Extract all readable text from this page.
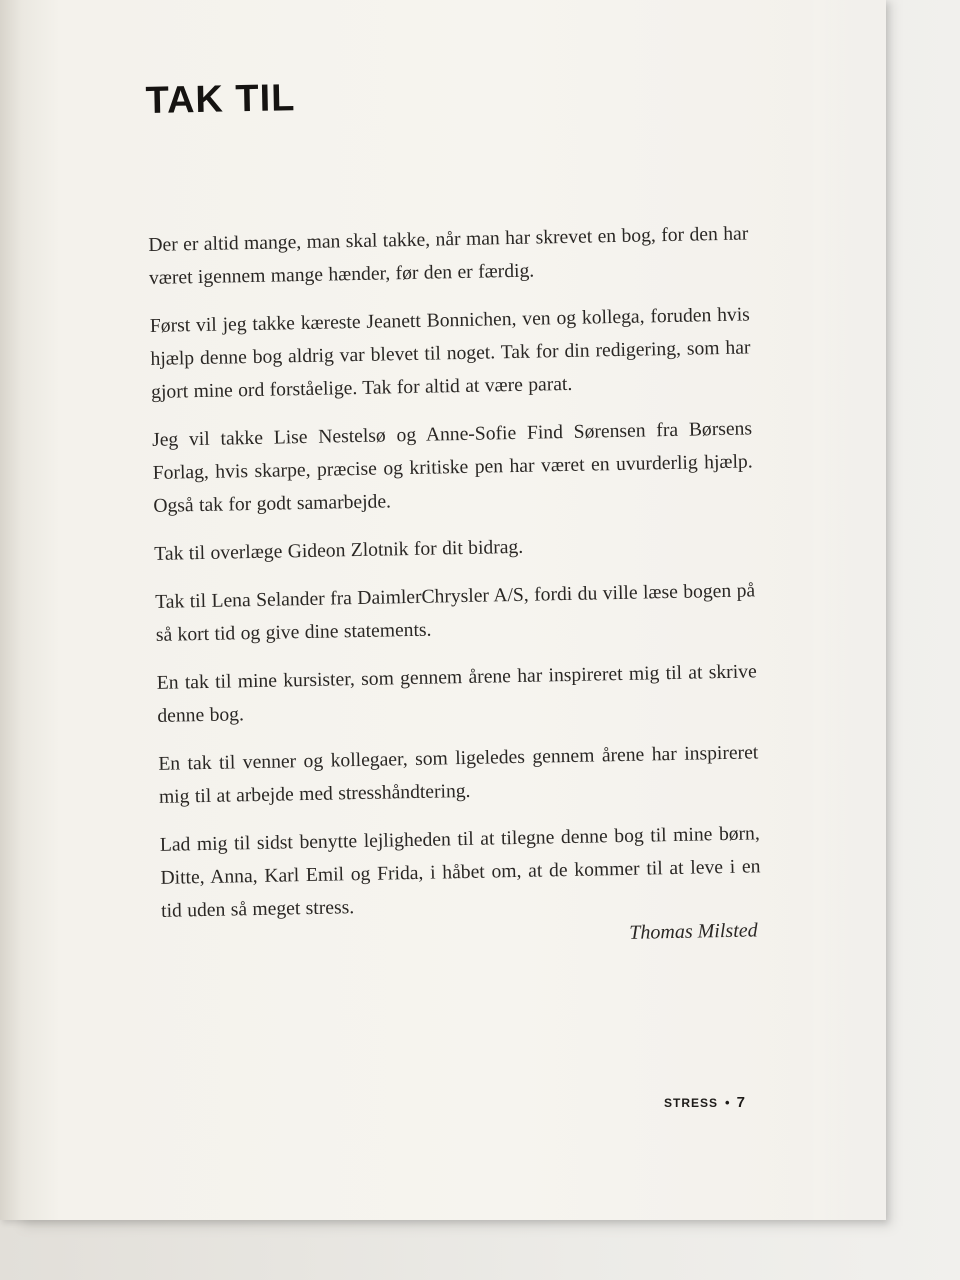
TAK TIL

Der er altid mange, man skal takke, når man har skrevet en bog, for den har været igennem mange hænder, før den er færdig.

Først vil jeg takke kæreste Jeanett Bonnichen, ven og kollega, foruden hvis hjælp denne bog aldrig var blevet til noget. Tak for din redigering, som har gjort mine ord forståelige. Tak for altid at være parat.

Jeg vil takke Lise Nestelsø og Anne-Sofie Find Sørensen fra Børsens Forlag, hvis skarpe, præcise og kritiske pen har været en uvurderlig hjælp. Også tak for godt samarbejde.

Tak til overlæge Gideon Zlotnik for dit bidrag.

Tak til Lena Selander fra DaimlerChrysler A/S, fordi du ville læse bogen på så kort tid og give dine statements.

En tak til mine kursister, som gennem årene har inspireret mig til at skrive denne bog.

En tak til venner og kollegaer, som ligeledes gennem årene har inspireret mig til at arbejde med stresshåndtering.

Lad mig til sidst benytte lejligheden til at tilegne denne bog til mine børn, Ditte, Anna, Karl Emil og Frida, i håbet om, at de kommer til at leve i en tid uden så meget stress.

Thomas Milsted
STRESS • 7
